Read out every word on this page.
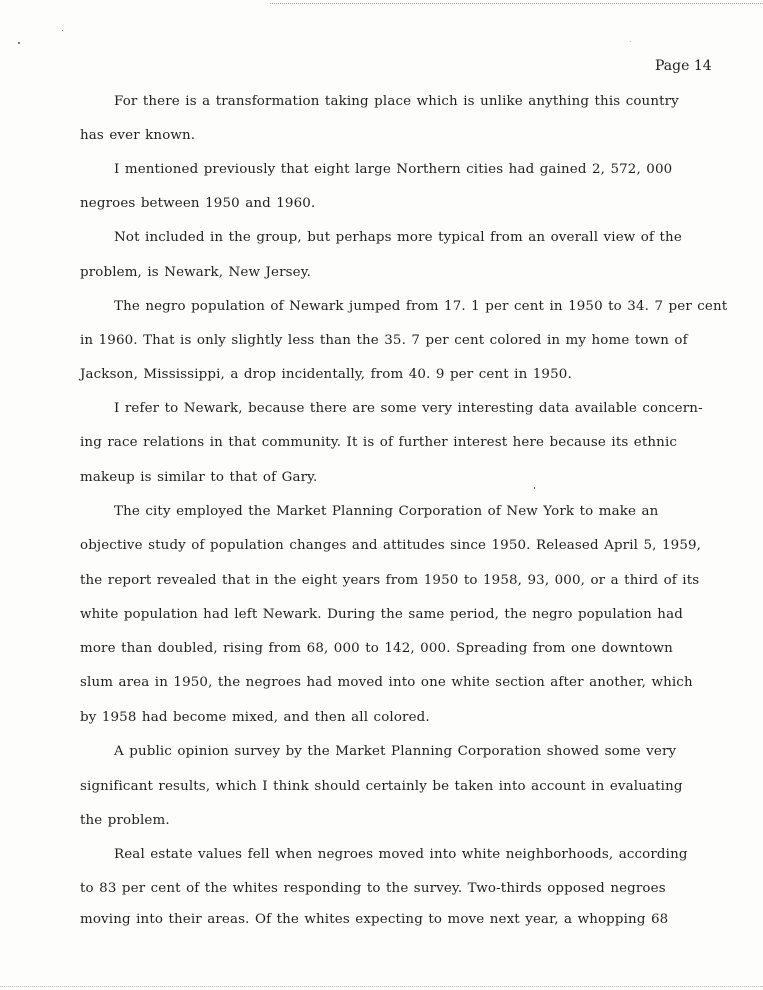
Page 14
For there is a transformation taking place which is unlike anything this country
has ever known.
I mentioned previously that eight large Northern cities had gained 2, 572, 000
negroes between 1950 and 1960.
Not included in the group, but perhaps more typical from an overall view of the
problem, is Newark, New Jersey.
The negro population of Newark jumped from 17. 1 per cent in 1950 to 34. 7 per cent
in 1960. That is only slightly less than the 35. 7 per cent colored in my home town of
Jackson, Mississippi, a drop incidentally, from 40. 9 per cent in 1950.
I refer to Newark, because there are some very interesting data available concern-
ing race relations in that community. It is of further interest here because its ethnic
makeup is similar to that of Gary.
The city employed the Market Planning Corporation of New York to make an
objective study of population changes and attitudes since 1950. Released April 5, 1959,
the report revealed that in the eight years from 1950 to 1958, 93, 000, or a third of its
white population had left Newark. During the same period, the negro population had
more than doubled, rising from 68, 000 to 142, 000. Spreading from one downtown
slum area in 1950, the negroes had moved into one white section after another, which
by 1958 had become mixed, and then all colored.
A public opinion survey by the Market Planning Corporation showed some very
significant results, which I think should certainly be taken into account in evaluating
the problem.
Real estate values fell when negroes moved into white neighborhoods, according
to 83 per cent of the whites responding to the survey. Two-thirds opposed negroes
moving into their areas. Of the whites expecting to move next year, a whopping 68
